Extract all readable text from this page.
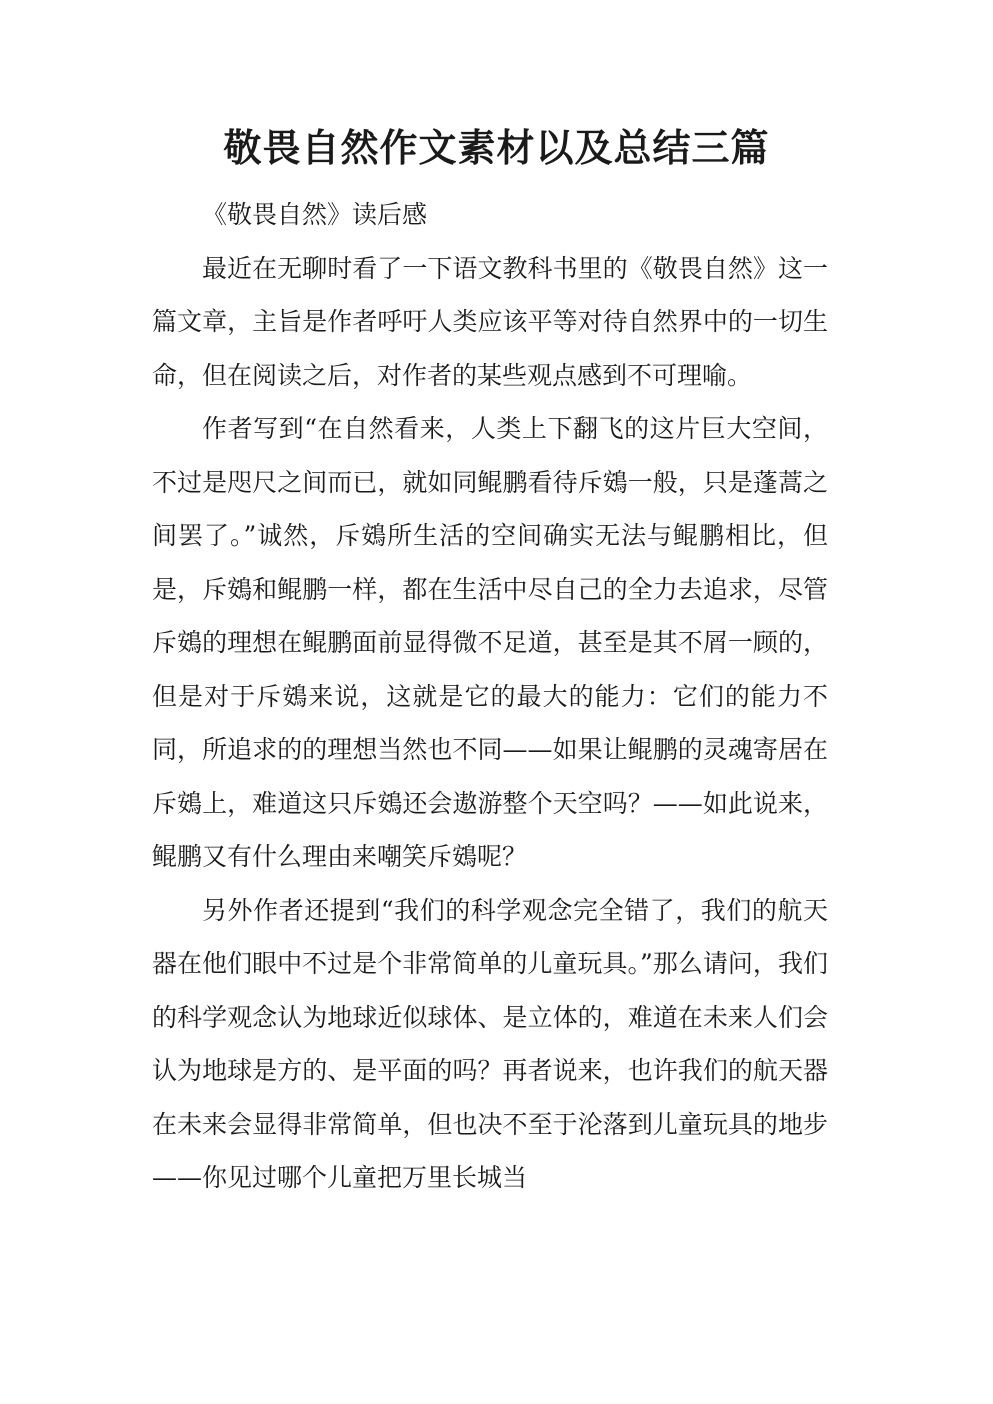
敬畏自然作文素材以及总结三篇

《敬畏自然》读后感

最近在无聊时看了一下语文教科书里的《敬畏自然》这一篇文章，主旨是作者呼吁人类应该平等对待自然界中的一切生命，但在阅读之后，对作者的某些观点感到不可理喻。

作者写到“在自然看来，人类上下翻飞的这片巨大空间，不过是咫尺之间而已，就如同鲲鹏看待斥鴳一般，只是蓬蒿之间罢了。”诚然，斥鴳所生活的空间确实无法与鲲鹏相比，但是，斥鴳和鲲鹏一样，都在生活中尽自己的全力去追求，尽管斥鴳的理想在鲲鹏面前显得微不足道，甚至是其不屑一顾的，但是对于斥鴳来说，这就是它的最大的能力：它们的能力不同，所追求的的理想当然也不同——如果让鲲鹏的灵魂寄居在斥鴳上，难道这只斥鴳还会遨游整个天空吗？——如此说来，鲲鹏又有什么理由来嘲笑斥鴳呢？

另外作者还提到“我们的科学观念完全错了，我们的航天器在他们眼中不过是个非常简单的儿童玩具。”那么请问，我们的科学观念认为地球近似球体、是立体的，难道在未来人们会认为地球是方的、是平面的吗？再者说来，也许我们的航天器在未来会显得非常简单，但也决不至于沦落到儿童玩具的地步——你见过哪个儿童把万里长城当
